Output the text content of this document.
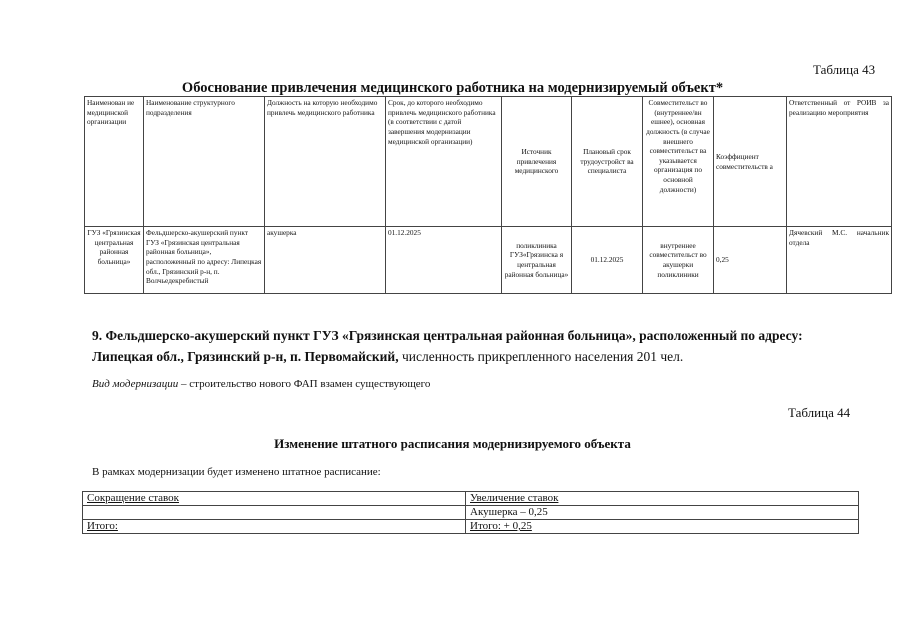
Таблица 43
Обоснование привлечения медицинского работника на модернизируемый объект*
Наименован ие медицинской организации	Наименование структурного подразделения	Должность на которую необходимо привлечь медицинского работника	Срок, до которого необходимо привлечь медицинского работника (в соответствии с датой завершения модернизации медицинской организации)	Источник привлечения медицинского	Плановый срок трудоустройст ва специалиста	Совместительст во (внутреннее/вн ешнее), основная должность (в случае внешнего совместительст ва указывается организация по основной должности)	Коэффициент совместительств а	Ответственный от РОИВ за реализацию мероприятия
ГУЗ «Грязинская центральная районная больница»	Фельдшерско-акушерский пункт ГУЗ «Грязинская центральная районная больница», расположенный по адресу: Липецкая обл., Грязинский р-н, п. Волчьедекребистый	акушерка	01.12.2025	поликлиника ГУЗ«Грязинска я центральная районная больница»	01.12.2025	внутреннее совместительст во акушерки поликлиники	0,25	Дячевский М.С. начальник отдела
9. Фельдшерско-акушерский пункт ГУЗ «Грязинская центральная районная больница», расположенный по адресу: Липецкая обл., Грязинский р-н, п. Первомайский, численность прикрепленного населения 201 чел.
Вид модернизации – строительство нового ФАП взамен существующего
Таблица 44
Изменение штатного расписания модернизируемого объекта
В рамках модернизации будет изменено штатное расписание:
Сокращение ставок	Увеличение ставок
	Акушерка – 0,25
Итого:	Итого: + 0,25
